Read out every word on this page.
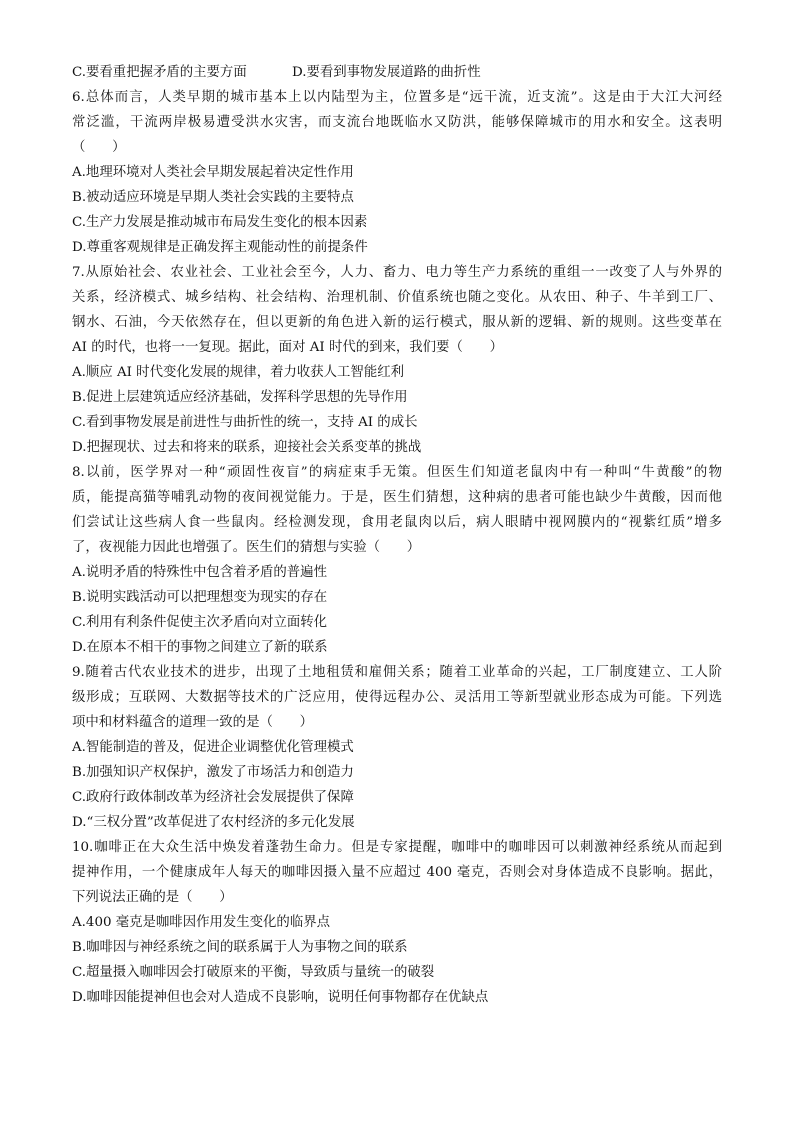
C.要看重把握矛盾的主要方面	D.要看到事物发展道路的曲折性
6.总体而言，人类早期的城市基本上以内陆型为主，位置多是“远干流，近支流”。这是由于大江大河经
常泛滥，干流两岸极易遭受洪水灾害，而支流台地既临水又防洪，能够保障城市的用水和安全。这表明
（　　）
A.地理环境对人类社会早期发展起着决定性作用
B.被动适应环境是早期人类社会实践的主要特点
C.生产力发展是推动城市布局发生变化的根本因素
D.尊重客观规律是正确发挥主观能动性的前提条件
7.从原始社会、农业社会、工业社会至今，人力、畜力、电力等生产力系统的重组一一改变了人与外界的
关系，经济模式、城乡结构、社会结构、治理机制、价值系统也随之变化。从农田、种子、牛羊到工厂、
钢水、石油，今天依然存在，但以更新的角色进入新的运行模式，服从新的逻辑、新的规则。这些变革在
AI 的时代，也将一一复现。据此，面对 AI 时代的到来，我们要（　　）
A.顺应 AI 时代变化发展的规律，着力收获人工智能红利
B.促进上层建筑适应经济基础，发挥科学思想的先导作用
C.看到事物发展是前进性与曲折性的统一，支持 AI 的成长
D.把握现状、过去和将来的联系，迎接社会关系变革的挑战
8.以前，医学界对一种“顽固性夜盲”的病症束手无策。但医生们知道老鼠肉中有一种叫“牛黄酸”的物
质，能提高猫等哺乳动物的夜间视觉能力。于是，医生们猜想，这种病的患者可能也缺少牛黄酸，因而他
们尝试让这些病人食一些鼠肉。经检测发现，食用老鼠肉以后，病人眼睛中视网膜内的“视紫红质”增多
了，夜视能力因此也增强了。医生们的猜想与实验（　　）
A.说明矛盾的特殊性中包含着矛盾的普遍性
B.说明实践活动可以把理想变为现实的存在
C.利用有利条件促使主次矛盾向对立面转化
D.在原本不相干的事物之间建立了新的联系
9.随着古代农业技术的进步，出现了土地租赁和雇佣关系；随着工业革命的兴起，工厂制度建立、工人阶
级形成；互联网、大数据等技术的广泛应用，使得远程办公、灵活用工等新型就业形态成为可能。下列选
项中和材料蕴含的道理一致的是（　　）
A.智能制造的普及，促进企业调整优化管理模式
B.加强知识产权保护，激发了市场活力和创造力
C.政府行政体制改革为经济社会发展提供了保障
D.“三权分置”改革促进了农村经济的多元化发展
10.咖啡正在大众生活中焕发着蓬勃生命力。但是专家提醒，咖啡中的咖啡因可以刺激神经系统从而起到
提神作用，一个健康成年人每天的咖啡因摄入量不应超过 400 毫克，否则会对身体造成不良影响。据此，
下列说法正确的是（　　）
A.400 毫克是咖啡因作用发生变化的临界点
B.咖啡因与神经系统之间的联系属于人为事物之间的联系
C.超量摄入咖啡因会打破原来的平衡，导致质与量统一的破裂
D.咖啡因能提神但也会对人造成不良影响，说明任何事物都存在优缺点
